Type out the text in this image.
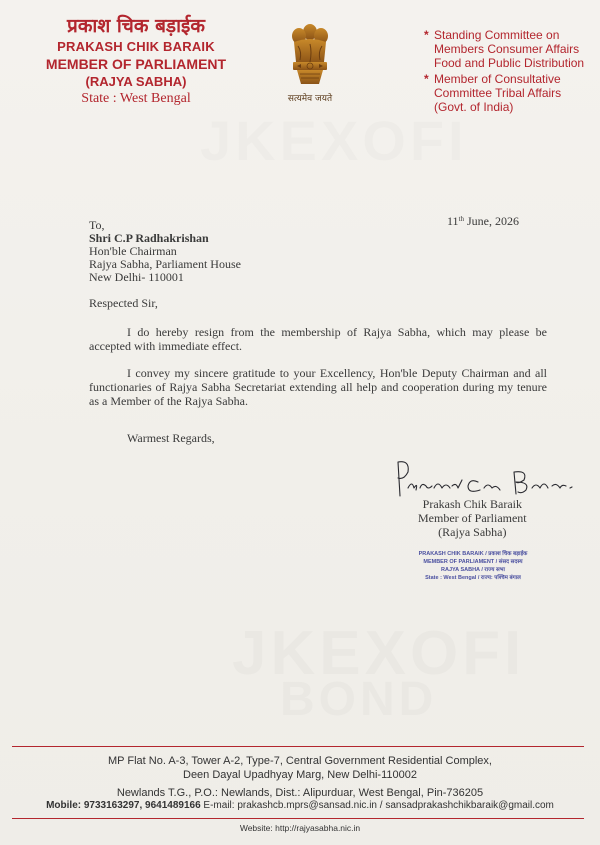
प्रकाश चिक बड़ाईक
PRAKASH CHIK BARAIK
MEMBER OF PARLIAMENT
(RAJYA SABHA)
State : West Bengal	सत्यमेव जयते
* Standing Committee on
Members Consumer Affairs
Food and Public Distribution
* Member of Consultative
Committee Tribal Affairs
(Govt. of India)
11th June, 2026
To,
Shri C.P Radhakrishan
Hon'ble Chairman
Rajya Sabha, Parliament House
New Delhi- 110001
Respected Sir,
I do hereby resign from the membership of Rajya Sabha, which may please be accepted with immediate effect.
I convey my sincere gratitude to your Excellency, Hon'ble Deputy Chairman and all functionaries of Rajya Sabha Secretariat extending all help and cooperation during my tenure as a Member of the Rajya Sabha.
Warmest Regards,
Prakash Chik Baraik
Member of Parliament
(Rajya Sabha)
PRAKASH CHIK BARAIK / प्रकाश चिक बड़ाईक
MEMBER OF PARLIAMENT / संसद सदस्य
RAJYA SABHA / राज्य सभा
State : West Bengal / राज्य: पश्चिम बंगाल
MP Flat No. A-3, Tower A-2, Type-7, Central Government Residential Complex,
Deen Dayal Upadhyay Marg, New Delhi-110002
Newlands T.G., P.O.: Newlands, Dist.: Alipurduar, West Bengal, Pin-736205
Mobile: 9733163297, 9641489166 E-mail: prakashcb.mprs@sansad.nic.in / sansadprakashchikbaraik@gmail.com
Website: http://rajyasabha.nic.in
